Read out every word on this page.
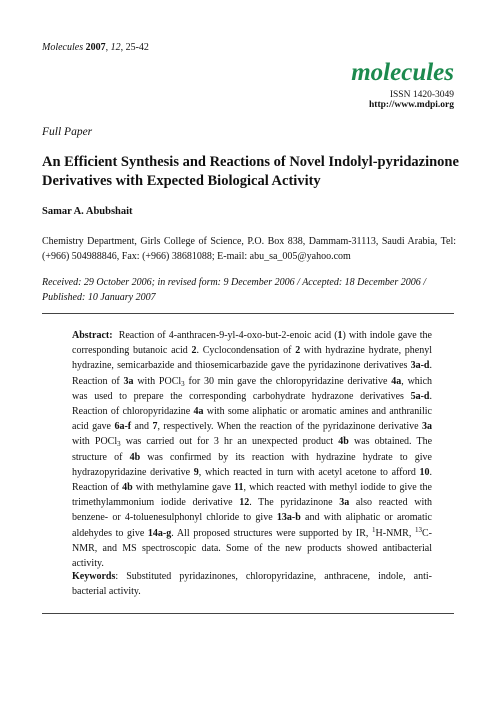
Molecules 2007, 12, 25-42
molecules
ISSN 1420-3049
http://www.mdpi.org
Full Paper
An Efficient Synthesis and Reactions of Novel Indolyl-pyridazinone Derivatives with Expected Biological Activity
Samar A. Abubshait
Chemistry Department, Girls College of Science, P.O. Box 838, Dammam-31113, Saudi Arabia, Tel: (+966) 504988846, Fax: (+966) 38681088; E-mail: abu_sa_005@yahoo.com
Received: 29 October 2006; in revised form: 9 December 2006 / Accepted: 18 December 2006 / Published: 10 January 2007
Abstract: Reaction of 4-anthracen-9-yl-4-oxo-but-2-enoic acid (1) with indole gave the corresponding butanoic acid 2. Cyclocondensation of 2 with hydrazine hydrate, phenyl hydrazine, semicarbazide and thiosemicarbazide gave the pyridazinone derivatives 3a-d. Reaction of 3a with POCl$_3$ for 30 min gave the chloropyridazine derivative 4a, which was used to prepare the corresponding carbohydrate hydrazone derivatives 5a-d. Reaction of chloropyridazine 4a with some aliphatic or aromatic amines and anthranilic acid gave 6a-f and 7, respectively. When the reaction of the pyridazinone derivative 3a with POCl$_3$ was carried out for 3 hr an unexpected product 4b was obtained. The structure of 4b was confirmed by its reaction with hydrazine hydrate to give hydrazopyridazine derivative 9, which reacted in turn with acetyl acetone to afford 10. Reaction of 4b with methylamine gave 11, which reacted with methyl iodide to give the trimethylammonium iodide derivative 12. The pyridazinone 3a also reacted with benzene- or 4-toluenesulphonyl chloride to give 13a-b and with aliphatic or aromatic aldehydes to give 14a-g. All proposed structures were supported by IR, $^1$H-NMR, $^{13}$C-NMR, and MS spectroscopic data. Some of the new products showed antibacterial activity.
Keywords: Substituted pyridazinones, chloropyridazine, anthracene, indole, anti-bacterial activity.
